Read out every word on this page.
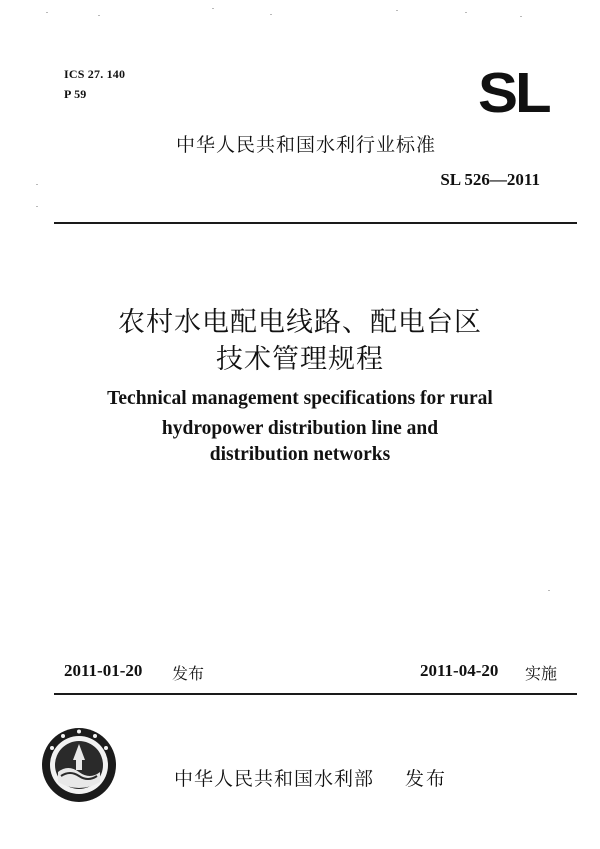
ICS 27. 140
P 59	SL
中华人民共和国水利行业标准
SL 526—2011
农村水电配电线路、配电台区
技术管理规程
Technical management specifications for rural
hydropower distribution line and
distribution networks
2011-01-20 发布	2011-04-20 实施
中华人民共和国水利部 发布
